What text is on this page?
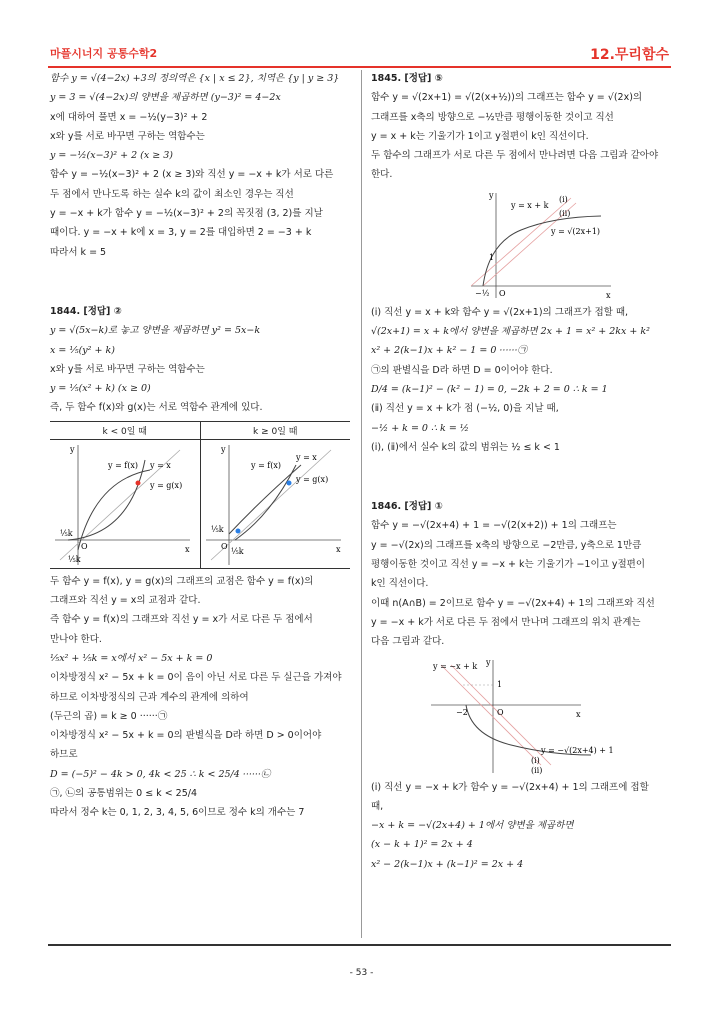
마플시너지 공통수학2	12.무리함수
함수 y = √(4−2x) +3의 정의역은 {x | x ≤ 2}, 치역은 {y | y ≥ 3}
y = 3 = √(4−2x)의 양변을 제곱하면 (y−3)² = 4−2x
x에 대하여 풀면 x = −½(y−3)² + 2
x와 y를 서로 바꾸면 구하는 역함수는
y = −½(x−3)² + 2 (x ≥ 3)
함수 y = −½(x−3)² + 2 (x ≥ 3)와 직선 y = −x + k가 서로 다른
두 점에서 만나도록 하는 실수 k의 값이 최소인 경우는 직선
y = −x + k가 함수 y = −½(x−3)² + 2의 꼭짓점 (3, 2)를 지날
때이다. y = −x + k에 x = 3, y = 2를 대입하면 2 = −3 + k
따라서 k = 5
1844. [정답] ②
y = √(5x−k)로 놓고 양변을 제곱하면 y² = 5x−k
x = ⅕(y² + k)
x와 y를 서로 바꾸면 구하는 역함수는
y = ⅕(x² + k) (x ≥ 0)
즉, 두 함수 f(x)와 g(x)는 서로 역함수 관계에 있다.
k < 0일 때	k ≥ 0일 때
y
x
O
y = f(x) y = x
y = g(x)
⅕k
⅕k
y
x
O
y = f(x)
y = x
y = g(x)
⅕k
⅕k
두 함수 y = f(x), y = g(x)의 그래프의 교점은 함수 y = f(x)의
그래프와 직선 y = x의 교점과 같다.
즉 함수 y = f(x)의 그래프와 직선 y = x가 서로 다른 두 점에서
만나야 한다.
⅕x² + ⅕k = x에서 x² − 5x + k = 0
이차방정식 x² − 5x + k = 0이 음이 아닌 서로 다른 두 실근을 가져야
하므로 이차방정식의 근과 계수의 관계에 의하여
(두근의 곱) = k ≥ 0 ······㉠
이차방정식 x² − 5x + k = 0의 판별식을 D라 하면 D > 0이어야
하므로
D = (−5)² − 4k > 0, 4k < 25 ∴ k < 25/4 ······㉡
㉠, ㉡의 공통범위는 0 ≤ k < 25/4
따라서 정수 k는 0, 1, 2, 3, 4, 5, 6이므로 정수 k의 개수는 7
1845. [정답] ⑤
함수 y = √(2x+1) = √(2(x+½))의 그래프는 함수 y = √(2x)의
그래프를 x축의 방향으로 −½만큼 평행이동한 것이고 직선
y = x + k는 기울기가 1이고 y절편이 k인 직선이다.
두 함수의 그래프가 서로 다른 두 점에서 만나려면 다음 그림과 같아야
한다.
y
x
O
y = x + k
y = √(2x+1)
(ⅰ)
(ⅱ)
1
−½
(ⅰ) 직선 y = x + k와 함수 y = √(2x+1)의 그래프가 접할 때,
√(2x+1) = x + k에서 양변을 제곱하면 2x + 1 = x² + 2kx + k²
x² + 2(k−1)x + k² − 1 = 0 ······㉠
㉠의 판별식을 D라 하면 D = 0이어야 한다.
D/4 = (k−1)² − (k² − 1) = 0, −2k + 2 = 0 ∴ k = 1
(ⅱ) 직선 y = x + k가 점 (−½, 0)을 지날 때,
−½ + k = 0 ∴ k = ½
(ⅰ), (ⅱ)에서 실수 k의 값의 범위는 ½ ≤ k < 1
1846. [정답] ①
함수 y = −√(2x+4) + 1 = −√(2(x+2)) + 1의 그래프는
y = −√(2x)의 그래프를 x축의 방향으로 −2만큼, y축으로 1만큼
평행이동한 것이고 직선 y = −x + k는 기울기가 −1이고 y절편이
k인 직선이다.
이때 n(A∩B) = 2이므로 함수 y = −√(2x+4) + 1의 그래프와 직선
y = −x + k가 서로 다른 두 점에서 만나며 그래프의 위치 관계는
다음 그림과 같다.
y
x
O
y = −x + k
y = −√(2x+4) + 1
1
−2
(ⅰ)
(ⅱ)
(ⅰ) 직선 y = −x + k가 함수 y = −√(2x+4) + 1의 그래프에 접할
때,
−x + k = −√(2x+4) + 1에서 양변을 제곱하면
(x − k + 1)² = 2x + 4
x² − 2(k−1)x + (k−1)² = 2x + 4
- 53 -
